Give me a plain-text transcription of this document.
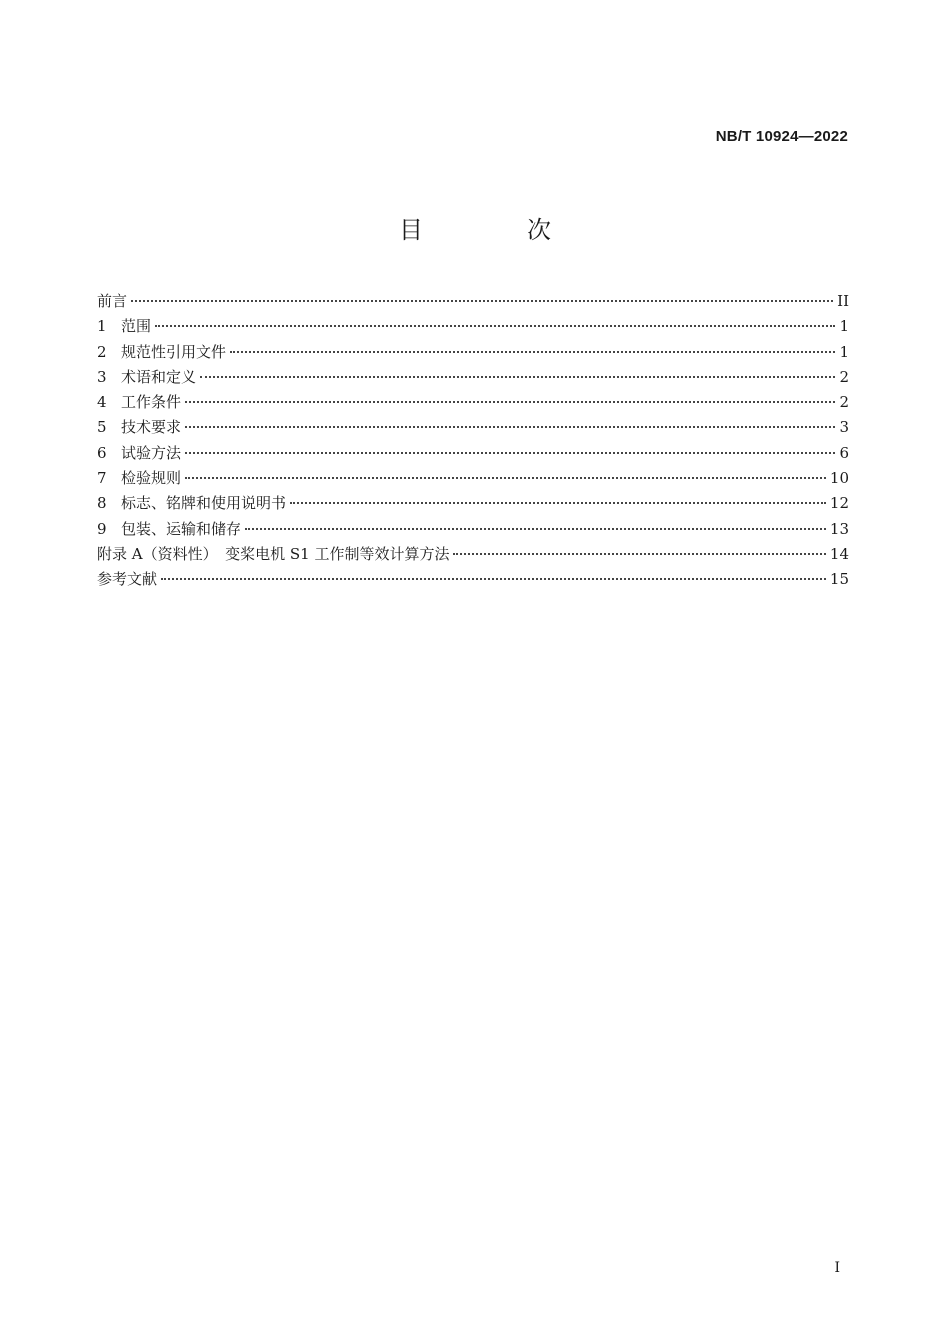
NB/T 10924—2022
目　次
前言	II
1 范围	1
2 规范性引用文件	1
3 术语和定义	2
4 工作条件	2
5 技术要求	3
6 试验方法	6
7 检验规则	10
8 标志、铭牌和使用说明书	12
9 包装、运输和储存	13
附录 A（资料性）　变桨电机 S1 工作制等效计算方法	14
参考文献	15
I
